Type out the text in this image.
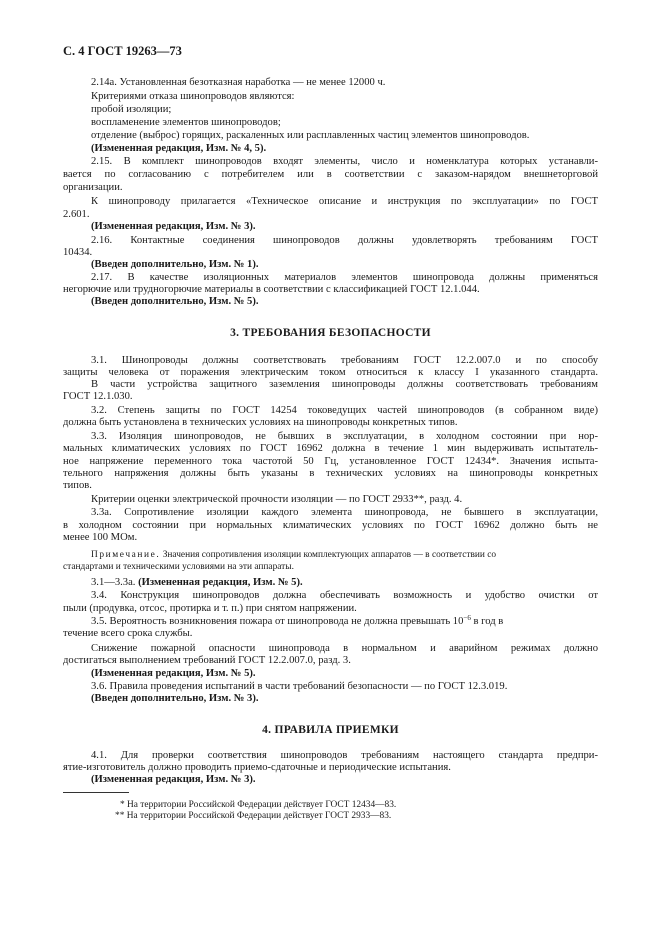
С. 4 ГОСТ 19263—73
2.14а. Установленная безотказная наработка — не менее 12000 ч.
Критериями отказа шинопроводов являются:
пробой изоляции;
воспламенение элементов шинопроводов;
отделение (выброс) горящих, раскаленных или расплавленных частиц элементов шинопроводов.
(Измененная редакция, Изм. № 4, 5).
2.15. В комплект шинопроводов входят элементы, число и номенклатура которых устанавли-
вается по согласованию с потребителем или в соответствии с заказом-нарядом внешнеторговой
организации.
К шинопроводу прилагается «Техническое описание и инструкция по эксплуатации» по ГОСТ
2.601.
(Измененная редакция, Изм. № 3).
2.16. Контактные соединения шинопроводов должны удовлетворять требованиям ГОСТ
10434.
(Введен дополнительно, Изм. № 1).
2.17. В качестве изоляционных материалов элементов шинопровода должны применяться
негорючие или трудногорючие материалы в соответствии с классификацией ГОСТ 12.1.044.
(Введен дополнительно, Изм. № 5).
3. ТРЕБОВАНИЯ БЕЗОПАСНОСТИ
3.1. Шинопроводы должны соответствовать требованиям ГОСТ 12.2.007.0 и по способу
защиты человека от поражения электрическим током относиться к классу I указанного стандарта.
В части устройства защитного заземления шинопроводы должны соответствовать требованиям
ГОСТ 12.1.030.
3.2. Степень защиты по ГОСТ 14254 токоведущих частей шинопроводов (в собранном виде)
должна быть установлена в технических условиях на шинопроводы конкретных типов.
3.3. Изоляция шинопроводов, не бывших в эксплуатации, в холодном состоянии при нор-
мальных климатических условиях по ГОСТ 16962 должна в течение 1 мин выдерживать испытатель-
ное напряжение переменного тока частотой 50 Гц, установленное ГОСТ 12434*. Значения испыта-
тельного напряжения должны быть указаны в технических условиях на шинопроводы конкретных
типов.
Критерии оценки электрической прочности изоляции — по ГОСТ 2933**, разд. 4.
3.3а. Сопротивление изоляции каждого элемента шинопровода, не бывшего в эксплуатации,
в холодном состоянии при нормальных климатических условиях по ГОСТ 16962 должно быть не
менее 100 МОм.
Примечание. Значения сопротивления изоляции комплектующих аппаратов — в соответствии со
стандартами и техническими условиями на эти аппараты.
3.1—3.3а. (Измененная редакция, Изм. № 5).
3.4. Конструкция шинопроводов должна обеспечивать возможность и удобство очистки от
пыли (продувка, отсос, протирка и т. п.) при снятом напряжении.
3.5. Вероятность возникновения пожара от шинопровода не должна превышать $10^{-6}$ в год в
течение всего срока службы.
Снижение пожарной опасности шинопровода в нормальном и аварийном режимах должно
достигаться выполнением требований ГОСТ 12.2.007.0, разд. 3.
(Измененная редакция, Изм. № 5).
3.6. Правила проведения испытаний в части требований безопасности — по ГОСТ 12.3.019.
(Введен дополнительно, Изм. № 3).
4. ПРАВИЛА ПРИЕМКИ
4.1. Для проверки соответствия шинопроводов требованиям настоящего стандарта предпри-
ятие-изготовитель должно проводить приемо-сдаточные и периодические испытания.
(Измененная редакция, Изм. № 3).
* На территории Российской Федерации действует ГОСТ 12434—83.
** На территории Российской Федерации действует ГОСТ 2933—83.
